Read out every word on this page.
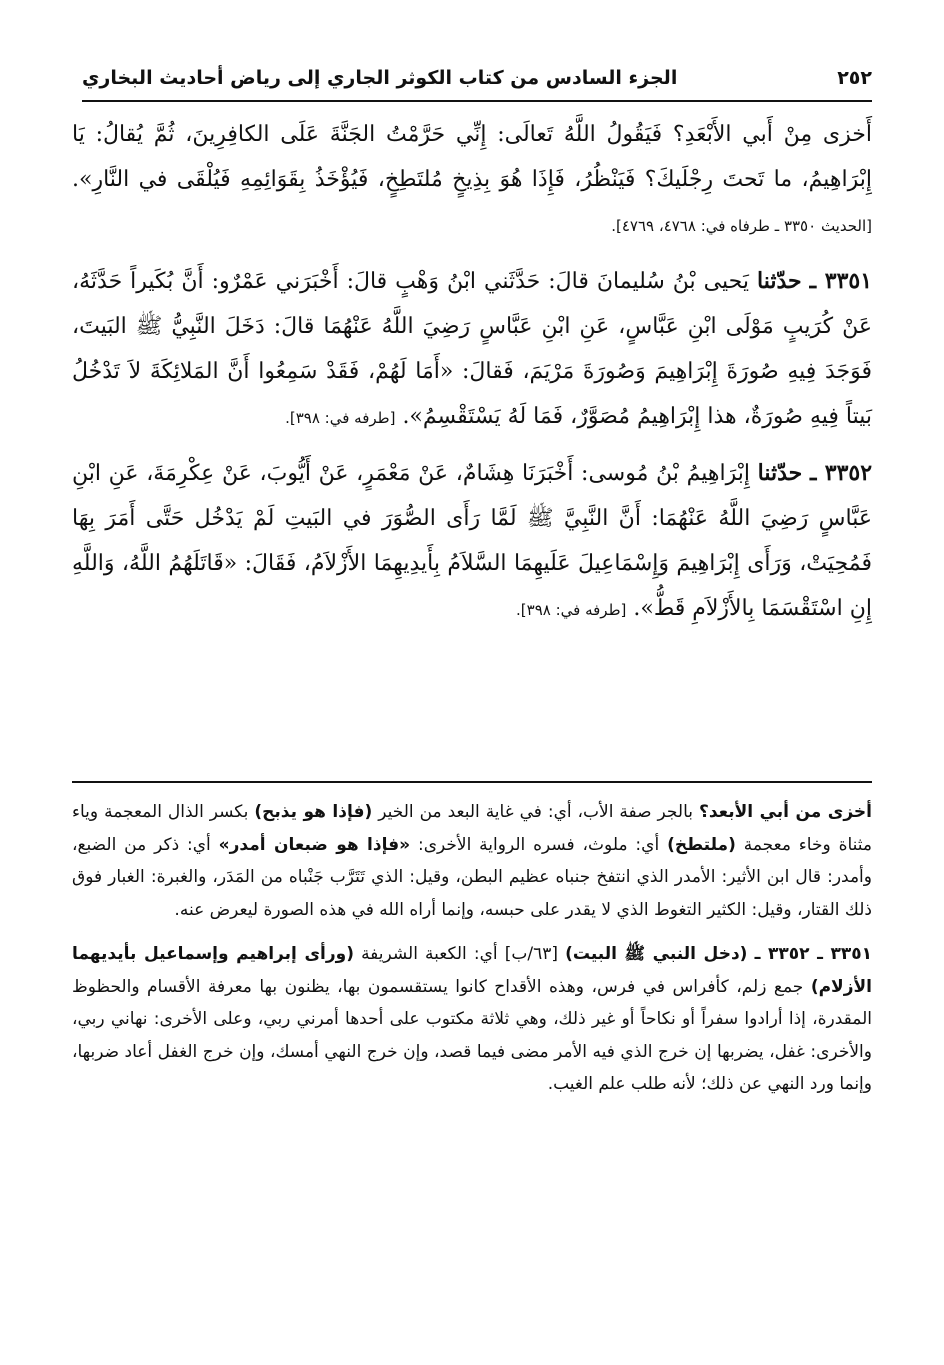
٢٥٢
الجزء السادس من كتاب الكوثر الجاري إلى رياض أحاديث البخاري

أَخزى مِنْ أَبي الأَبْعَدِ؟ فَيَقُولُ اللَّهُ تَعالَى: إِنِّي حَرَّمْتُ الجَنَّةَ عَلَى الكافِرِينَ، ثُمَّ يُقالُ: يَا إِبْرَاهِيمُ، ما تَحتَ رِجْلَيكَ؟ فَيَنْظُرُ، فَإِذَا هُوَ بِذِيخٍ مُلتَطِخٍ، فَيُؤْخَذُ بِقَوَائِمِهِ فَيُلْقَى في النَّارِ». [الحديث ٣٣٥٠ ـ طرفاه في: ٤٧٦٨، ٤٧٦٩].

٣٣٥١ ـ حدّثنا يَحيى بْنُ سُليمانَ قالَ: حَدَّثَني ابْنُ وَهْبٍ قالَ: أَخْبَرَني عَمْرٌو: أَنَّ بُكَيراً حَدَّثَهُ، عَنْ كُرَيبٍ مَوْلَى ابْنِ عَبَّاسٍ، عَنِ ابْنِ عَبَّاسٍ رَضِيَ اللَّهُ عَنْهُمَا قالَ: دَخَلَ النَّبِيُّ ﷺ البَيتَ، فَوَجَدَ فِيهِ صُورَةَ إِبْرَاهِيمَ وَصُورَةَ مَرْيَمَ، فَقالَ: «أَمَا لَهُمْ، فَقَدْ سَمِعُوا أَنَّ المَلائِكَةَ لاَ تَدْخُلُ بَيتاً فِيهِ صُورَةٌ، هذا إِبْرَاهِيمُ مُصَوَّرٌ، فَمَا لَهُ يَسْتَقْسِمُ». [طرفه في: ٣٩٨].

٣٣٥٢ ـ حدّثنا إِبْرَاهِيمُ بْنُ مُوسى: أَخْبَرَنَا هِشَامٌ، عَنْ مَعْمَرٍ، عَنْ أَيُّوبَ، عَنْ عِكْرِمَةَ، عَنِ ابْنِ عَبَّاسٍ رَضِيَ اللَّهُ عَنْهُمَا: أَنَّ النَّبِيَّ ﷺ لَمَّا رَأَى الصُّوَرَ في البَيتِ لَمْ يَدْخُل حَتَّى أَمَرَ بِهَا فَمُحِيَتْ، وَرَأَى إِبْرَاهِيمَ وَإِسْمَاعِيلَ عَلَيهِمَا السَّلاَمُ بِأَيدِيهِمَا الأَزْلاَمُ، فَقَالَ: «قَاتَلَهُمُ اللَّهُ، وَاللَّهِ إِنِ اسْتَقْسَمَا بِالأَزْلاَمِ قَطُّ». [طرفه في: ٣٩٨].

أخزى من أبي الأبعد؟ بالجر صفة الأب، أي: في غاية البعد من الخير (فإذا هو يذبح) بكسر الذال المعجمة وياء مثناة وخاء معجمة (ملتطخ) أي: ملوث، فسره الرواية الأخرى: «فإذا هو ضبعان أمدر» أي: ذكر من الضبع، وأمدر: قال ابن الأثير: الأمدر الذي انتفخ جنباه عظيم البطن، وقيل: الذي تَتَرَّب جَنْباه من المَدَر، والغبرة: الغبار فوق ذلك القتار، وقيل: الكثير التغوط الذي لا يقدر على حبسه، وإنما أراه الله في هذه الصورة ليعرض عنه.

٣٣٥١ ـ ٣٣٥٢ ـ (دخل النبي ﷺ البيت) [٦٣/ب] أي: الكعبة الشريفة (ورأى إبراهيم وإسماعيل بأيديهما الأزلام) جمع زلم، كأفراس في فرس، وهذه الأقداح كانوا يستقسمون بها، يظنون بها معرفة الأقسام والحظوظ المقدرة، إذا أرادوا سفراً أو نكاحاً أو غير ذلك، وهي ثلاثة مكتوب على أحدها أمرني ربي، وعلى الأخرى: نهاني ربي، والأخرى: غفل، يضربها إن خرج الذي فيه الأمر مضى فيما قصد، وإن خرج النهي أمسك، وإن خرج الغفل أعاد ضربها، وإنما ورد النهي عن ذلك؛ لأنه طلب علم الغيب.
